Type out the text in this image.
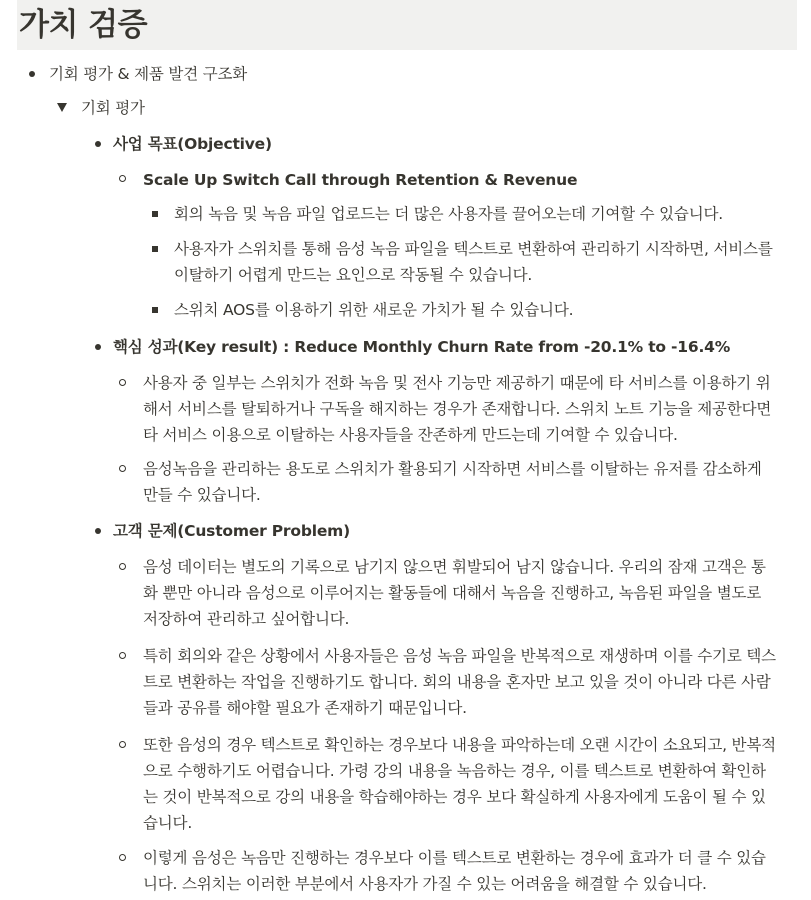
가치 검증
기회 평가 & 제품 발견 구조화
기회 평가
사업 목표(Objective)
Scale Up Switch Call through Retention & Revenue
회의 녹음 및 녹음 파일 업로드는 더 많은 사용자를 끌어오는데 기여할 수 있습니다.
사용자가 스위치를 통해 음성 녹음 파일을 텍스트로 변환하여 관리하기 시작하면, 서비스를
이탈하기 어렵게 만드는 요인으로 작동될 수 있습니다.
스위치 AOS를 이용하기 위한 새로운 가치가 될 수 있습니다.
핵심 성과(Key result) : Reduce Monthly Churn Rate from -20.1% to -16.4%
사용자 중 일부는 스위치가 전화 녹음 및 전사 기능만 제공하기 때문에 타 서비스를 이용하기 위
해서 서비스를 탈퇴하거나 구독을 해지하는 경우가 존재합니다. 스위치 노트 기능을 제공한다면
타 서비스 이용으로 이탈하는 사용자들을 잔존하게 만드는데 기여할 수 있습니다.
음성녹음을 관리하는 용도로 스위치가 활용되기 시작하면 서비스를 이탈하는 유저를 감소하게
만들 수 있습니다.
고객 문제(Customer Problem)
음성 데이터는 별도의 기록으로 남기지 않으면 휘발되어 남지 않습니다. 우리의 잠재 고객은 통
화 뿐만 아니라 음성으로 이루어지는 활동들에 대해서 녹음을 진행하고, 녹음된 파일을 별도로
저장하여 관리하고 싶어합니다.
특히 회의와 같은 상황에서 사용자들은 음성 녹음 파일을 반복적으로 재생하며 이를 수기로 텍스
트로 변환하는 작업을 진행하기도 합니다. 회의 내용을 혼자만 보고 있을 것이 아니라 다른 사람
들과 공유를 해야할 필요가 존재하기 때문입니다.
또한 음성의 경우 텍스트로 확인하는 경우보다 내용을 파악하는데 오랜 시간이 소요되고, 반복적
으로 수행하기도 어렵습니다. 가령 강의 내용을 녹음하는 경우, 이를 텍스트로 변환하여 확인하
는 것이 반복적으로 강의 내용을 학습해야하는 경우 보다 확실하게 사용자에게 도움이 될 수 있
습니다.
이렇게 음성은 녹음만 진행하는 경우보다 이를 텍스트로 변환하는 경우에 효과가 더 클 수 있습
니다. 스위치는 이러한 부분에서 사용자가 가질 수 있는 어려움을 해결할 수 있습니다.
